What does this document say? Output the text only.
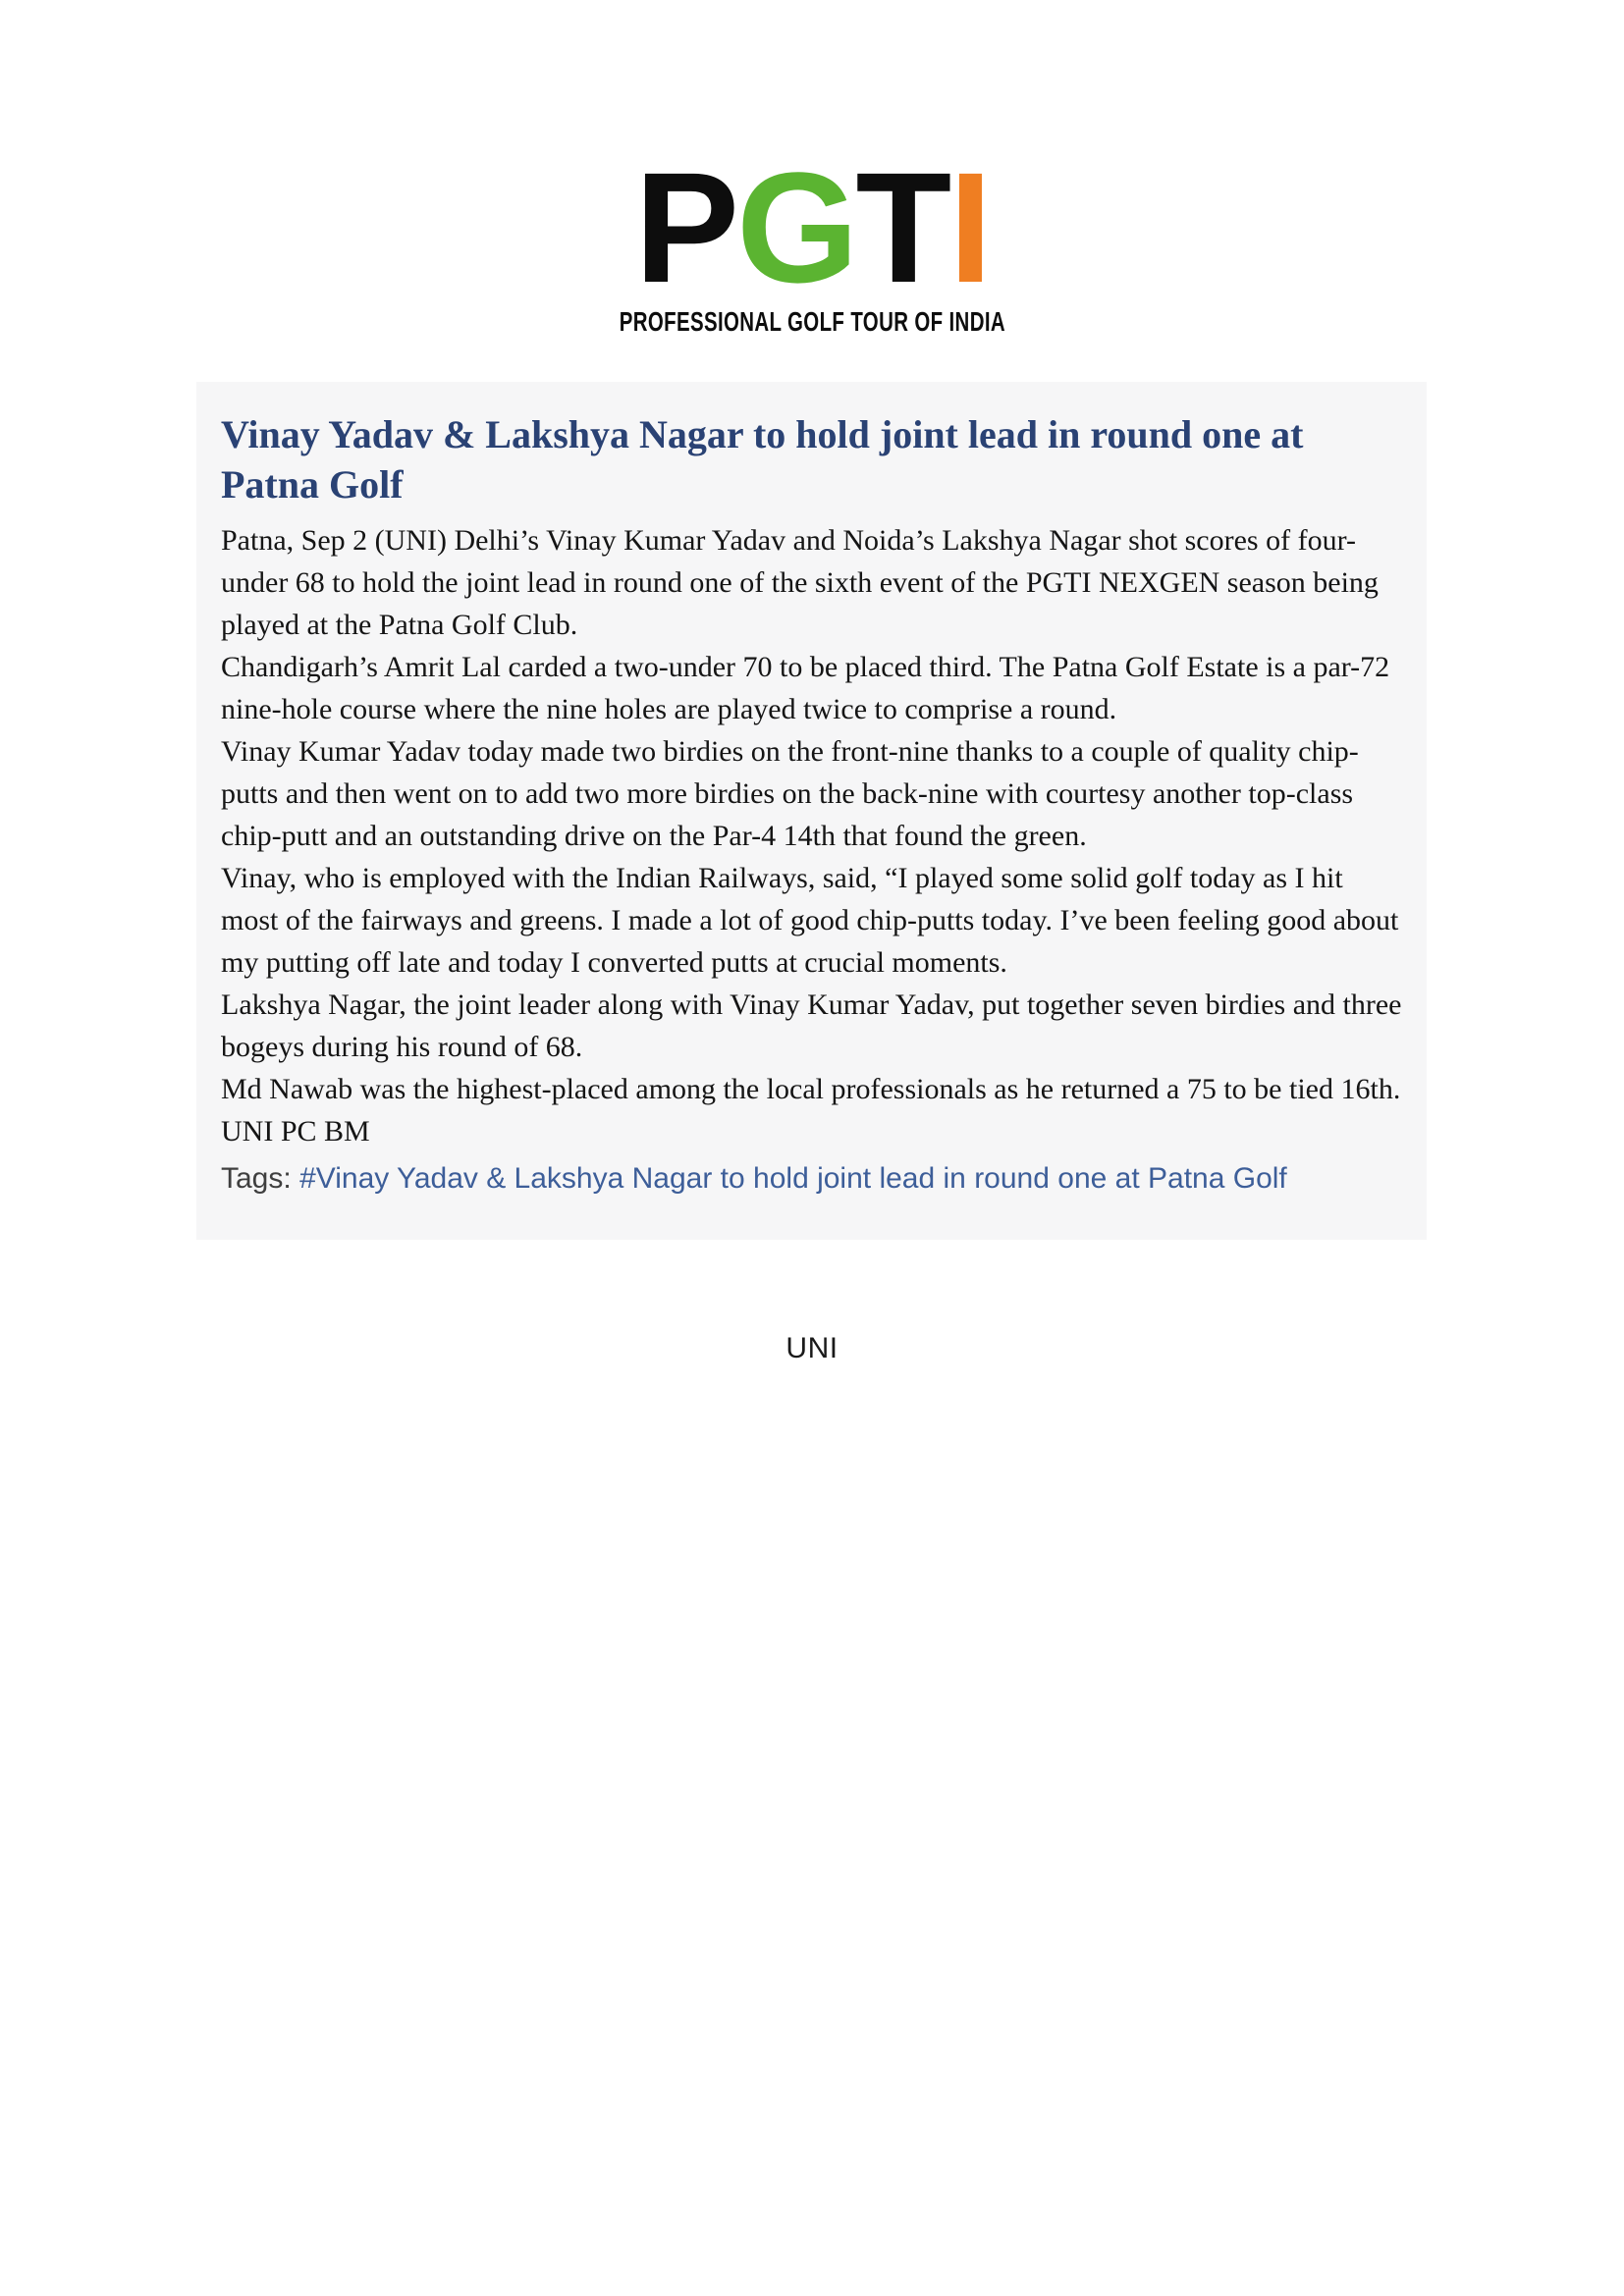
PGTI
PROFESSIONAL GOLF TOUR OF INDIA
Vinay Yadav & Lakshya Nagar to hold joint lead in round one at Patna Golf

Patna, Sep 2 (UNI) Delhi’s Vinay Kumar Yadav and Noida’s Lakshya Nagar shot scores of four-under 68 to hold the joint lead in round one of the sixth event of the PGTI NEXGEN season being played at the Patna Golf Club.

Chandigarh’s Amrit Lal carded a two-under 70 to be placed third. The Patna Golf Estate is a par-72 nine-hole course where the nine holes are played twice to comprise a round.

Vinay Kumar Yadav today made two birdies on the front-nine thanks to a couple of quality chip-putts and then went on to add two more birdies on the back-nine with courtesy another top-class chip-putt and an outstanding drive on the Par-4 14th that found the green.

Vinay, who is employed with the Indian Railways, said, “I played some solid golf today as I hit most of the fairways and greens. I made a lot of good chip-putts today. I’ve been feeling good about my putting off late and today I converted putts at crucial moments.

Lakshya Nagar, the joint leader along with Vinay Kumar Yadav, put together seven birdies and three bogeys during his round of 68.

Md Nawab was the highest-placed among the local professionals as he returned a 75 to be tied 16th.

UNI PC BM

Tags: #Vinay Yadav & Lakshya Nagar to hold joint lead in round one at Patna Golf
UNI
